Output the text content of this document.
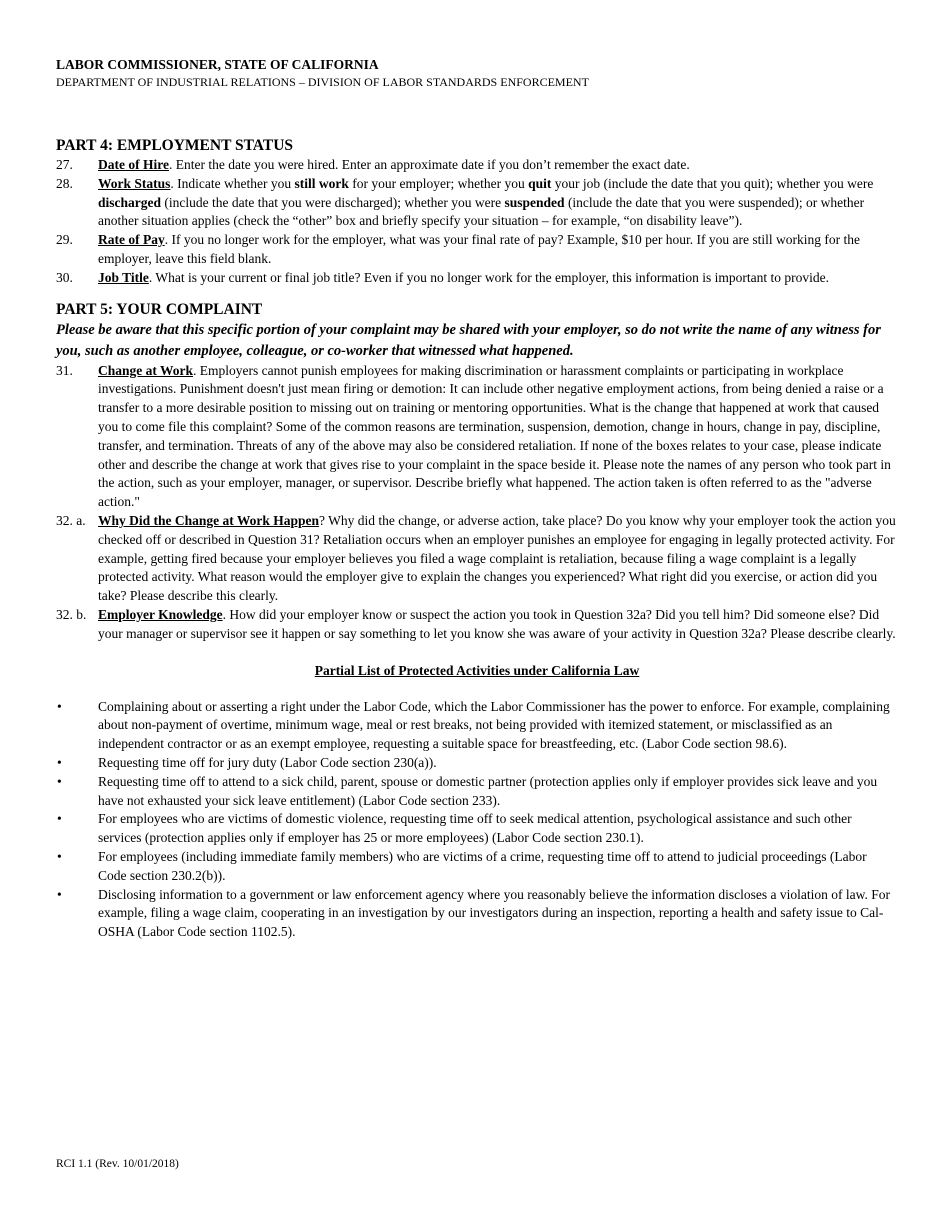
LABOR COMMISSIONER, STATE OF CALIFORNIA
DEPARTMENT OF INDUSTRIAL RELATIONS – DIVISION OF LABOR STANDARDS ENFORCEMENT
PART 4: EMPLOYMENT STATUS
27. Date of Hire. Enter the date you were hired. Enter an approximate date if you don’t remember the exact date.
28. Work Status. Indicate whether you still work for your employer; whether you quit your job (include the date that you quit); whether you were discharged (include the date that you were discharged); whether you were suspended (include the date that you were suspended); or whether another situation applies (check the “other” box and briefly specify your situation – for example, “on disability leave”).
29. Rate of Pay. If you no longer work for the employer, what was your final rate of pay? Example, $10 per hour. If you are still working for the employer, leave this field blank.
30. Job Title. What is your current or final job title? Even if you no longer work for the employer, this information is important to provide.
PART 5: YOUR COMPLAINT

Please be aware that this specific portion of your complaint may be shared with your employer, so do not write the name of any witness for you, such as another employee, colleague, or co-worker that witnessed what happened.

31. Change at Work. Employers cannot punish employees for making discrimination or harassment complaints or participating in workplace investigations. Punishment doesn't just mean firing or demotion: It can include other negative employment actions, from being denied a raise or a transfer to a more desirable position to missing out on training or mentoring opportunities. What is the change that happened at work that caused you to come file this complaint? Some of the common reasons are termination, suspension, demotion, change in hours, change in pay, discipline, transfer, and termination. Threats of any of the above may also be considered retaliation. If none of the boxes relates to your case, please indicate other and describe the change at work that gives rise to your complaint in the space beside it. Please note the names of any person who took part in the action, such as your employer, manager, or supervisor. Describe briefly what happened. The action taken is often referred to as the "adverse action."
32. a. Why Did the Change at Work Happen? Why did the change, or adverse action, take place? Do you know why your employer took the action you checked off or described in Question 31? Retaliation occurs when an employer punishes an employee for engaging in legally protected activity. For example, getting fired because your employer believes you filed a wage complaint is retaliation, because filing a wage complaint is a legally protected activity. What reason would the employer give to explain the changes you experienced? What right did you exercise, or action did you take? Please describe this clearly.
32. b. Employer Knowledge. How did your employer know or suspect the action you took in Question 32a? Did you tell him? Did someone else? Did your manager or supervisor see it happen or say something to let you know she was aware of your activity in Question 32a? Please describe clearly.
Partial List of Protected Activities under California Law
•	Complaining about or asserting a right under the Labor Code, which the Labor Commissioner has the power to enforce. For example, complaining about non-payment of overtime, minimum wage, meal or rest breaks, not being provided with itemized statement, or misclassified as an independent contractor or as an exempt employee, requesting a suitable space for breastfeeding, etc. (Labor Code section 98.6).
•	Requesting time off for jury duty (Labor Code section 230(a)).
•	Requesting time off to attend to a sick child, parent, spouse or domestic partner (protection applies only if employer provides sick leave and you have not exhausted your sick leave entitlement) (Labor Code section 233).
•	For employees who are victims of domestic violence, requesting time off to seek medical attention, psychological assistance and such other services (protection applies only if employer has 25 or more employees) (Labor Code section 230.1).
•	For employees (including immediate family members) who are victims of a crime, requesting time off to attend to judicial proceedings (Labor Code section 230.2(b)).
•	Disclosing information to a government or law enforcement agency where you reasonably believe the information discloses a violation of law. For example, filing a wage claim, cooperating in an investigation by our investigators during an inspection, reporting a health and safety issue to Cal-OSHA (Labor Code section 1102.5).
RCI 1.1 (Rev. 10/01/2018)
